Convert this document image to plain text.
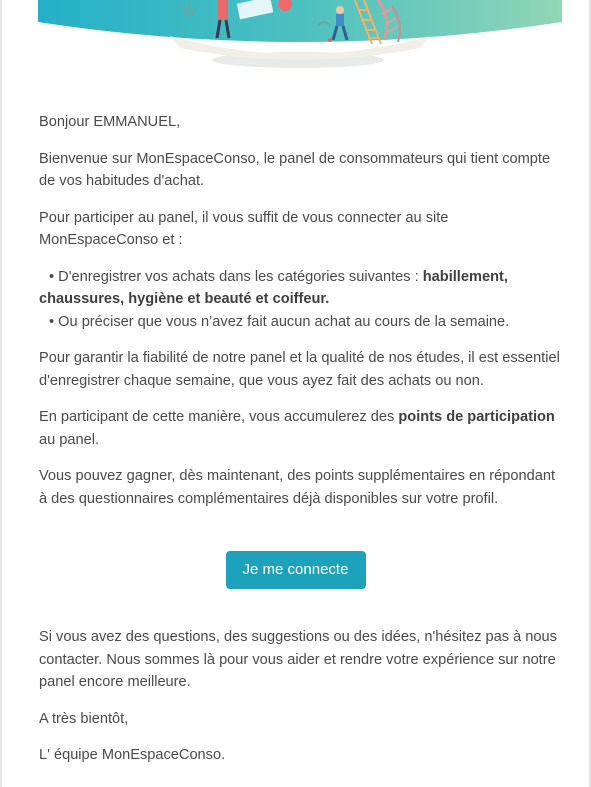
Bonjour EMMANUEL,

Bienvenue sur MonEspaceConso, le panel de consommateurs qui tient compte de vos habitudes d'achat.

Pour participer au panel, il vous suffit de vous connecter au site MonEspaceConso et :

• D'enregistrer vos achats dans les catégories suivantes : habillement, chaussures, hygiène et beauté et coiffeur.
• Ou préciser que vous n’avez fait aucun achat au cours de la semaine.

Pour garantir la fiabilité de notre panel et la qualité de nos études, il est essentiel d'enregistrer chaque semaine, que vous ayez fait des achats ou non.

En participant de cette manière, vous accumulerez des points de participation au panel.

Vous pouvez gagner, dès maintenant, des points supplémentaires en répondant à des questionnaires complémentaires déjà disponibles sur votre profil.

Je me connecte

Si vous avez des questions, des suggestions ou des idées, n'hésitez pas à nous contacter. Nous sommes là pour vous aider et rendre votre expérience sur notre panel encore meilleure.

A très bientôt,

L' équipe MonEspaceConso.
